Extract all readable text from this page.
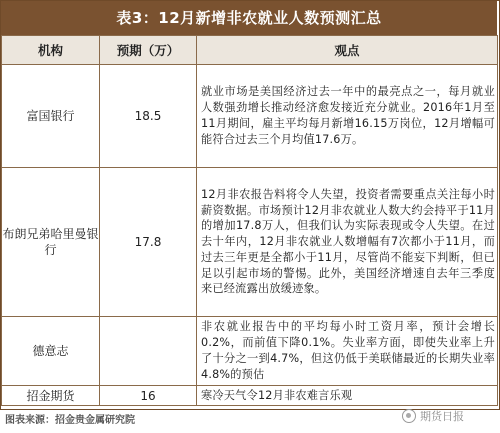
表3：12月新增非农就业人数预测汇总
机构	预期（万）	观点
富国银行	18.5	就业市场是美国经济过去一年中的最亮点之一，每月就业人数强劲增长推动经济愈发接近充分就业。2016年1月至11月期间，雇主平均每月新增16.15万岗位，12月增幅可能符合过去三个月均值17.6万。
布朗兄弟哈里曼银行	17.8	12月非农报告料将令人失望，投资者需要重点关注每小时薪资数据。市场预计12月非农就业人数大约会持平于11月的增加17.8万人，但我们认为实际表现或令人失望。在过去十年内，12月非农就业人数增幅有7次都小于11月，而过去三年更是全都小于11月，尽管尚不能妄下判断，但已足以引起市场的警惕。此外，美国经济增速自去年三季度来已经流露出放缓迹象。
德意志		非农就业报告中的平均每小时工资月率，预计会增长0.2%，而前值下降0.1%。失业率方面，即使失业率上升了十分之一到4.7%，但这仍低于美联储最近的长期失业率4.8%的预估
招金期货	16	寒冷天气令12月非农难言乐观
图表来源：招金贵金属研究院	期货日报
